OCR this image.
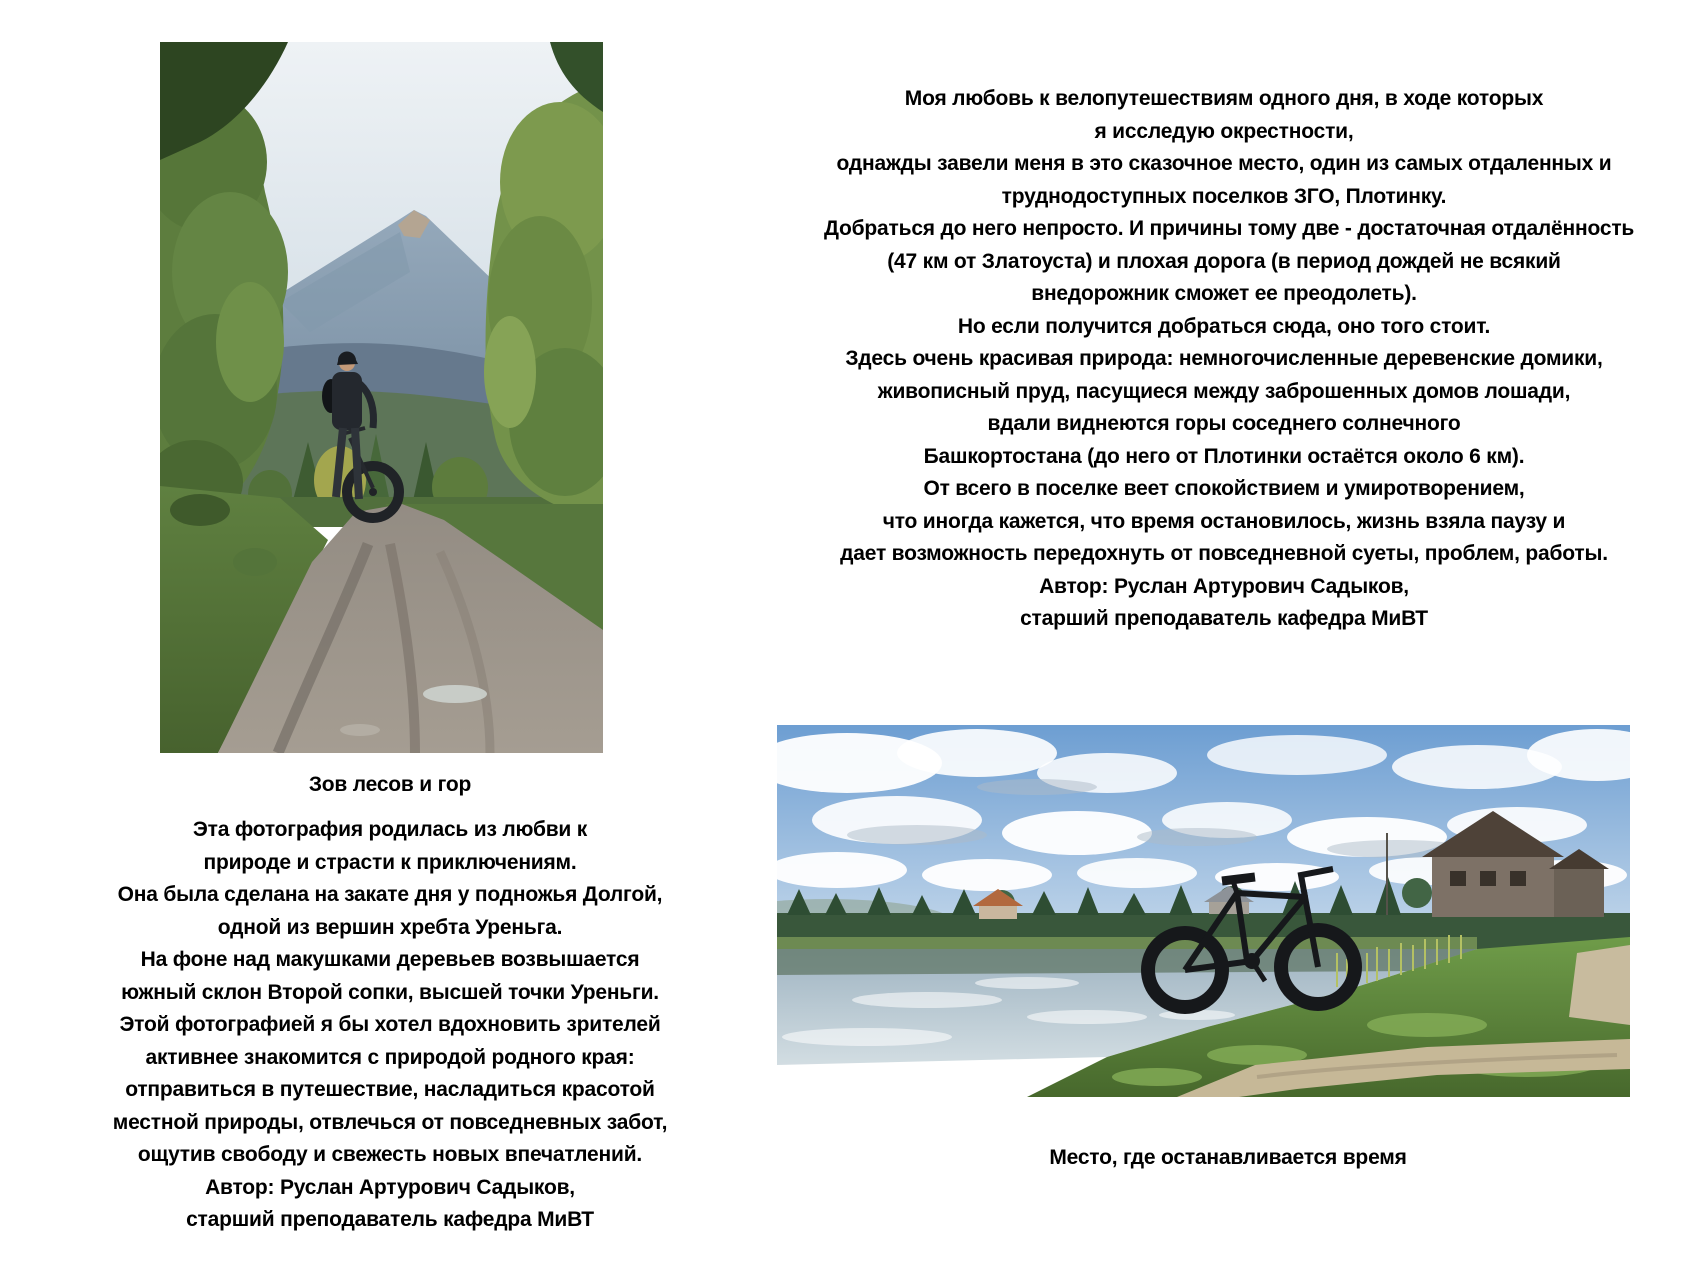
Зов лесов и гор
Эта фотография родилась из любви к
природе и страсти к приключениям.
Она была сделана на закате дня у подножья Долгой,
одной из вершин хребта Уреньга.
На фоне над макушками деревьев возвышается
южный склон Второй сопки, высшей точки Уреньги.
Этой фотографией я бы хотел вдохновить зрителей
активнее знакомится с природой родного края:
отправиться в путешествие, насладиться красотой
местной природы, отвлечься от повседневных забот,
ощутив свободу и свежесть новых впечатлений.
Автор: Руслан Артурович Садыков,
старший преподаватель кафедра МиВТ
Моя любовь к велопутешествиям одного дня, в ходе которых
я исследую окрестности,
однажды завели меня в это сказочное место, один из самых отдаленных и
труднодоступных поселков ЗГО, Плотинку.
Добраться до него непросто. И причины тому две - достаточная отдалённость
(47 км от Златоуста) и плохая дорога (в период дождей не всякий
внедорожник сможет ее преодолеть).
Но если получится добраться сюда, оно того стоит.
Здесь очень красивая природа: немногочисленные деревенские домики,
живописный пруд, пасущиеся между заброшенных домов лошади,
вдали виднеются горы соседнего солнечного
Башкортостана (до него от Плотинки остаётся около 6 км).
От всего в поселке веет спокойствием и умиротворением,
что иногда кажется, что время остановилось, жизнь взяла паузу и
дает возможность передохнуть от повседневной суеты, проблем, работы.
Автор: Руслан Артурович Садыков,
старший преподаватель кафедра МиВТ
Место, где останавливается время
